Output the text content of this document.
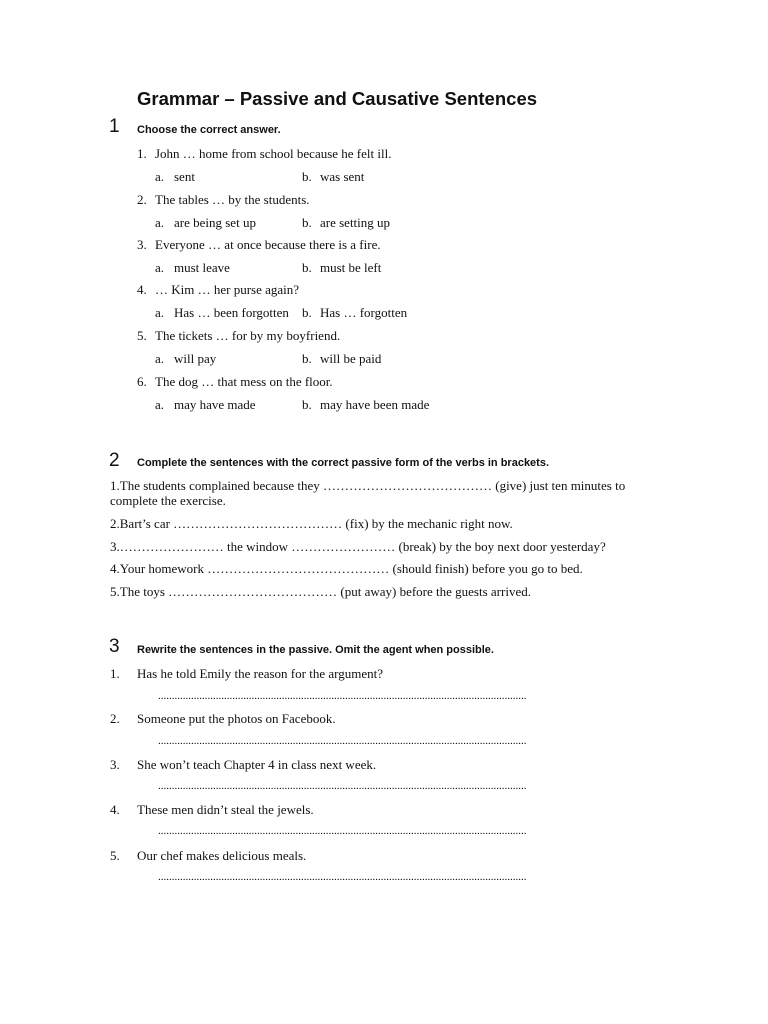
Grammar – Passive and Causative Sentences
1 Choose the correct answer.
1. John … home from school because he felt ill.
a. sent	b. was sent
2. The tables … by the students.
a. are being set up	b. are setting up
3. Everyone … at once because there is a fire.
a. must leave	b. must be left
4. … Kim … her purse again?
a. Has … been forgotten b. Has … forgotten
5. The tickets … for by my boyfriend.
a. will pay	b. will be paid
6. The dog … that mess on the floor.
a. may have made	b. may have been made
2 Complete the sentences with the correct passive form of the verbs in brackets.
1.The students complained because they ………………………………… (give) just ten minutes to complete the exercise.
2.Bart’s car ………………………………… (fix) by the mechanic right now.
3.…………………… the window …………………… (break) by the boy next door yesterday?
4.Your homework …………………………………… (should finish) before you go to bed.
5.The toys ………………………………… (put away) before the guests arrived.
3 Rewrite the sentences in the passive. Omit the agent when possible.
1. Has he told Emily the reason for the argument?
......................................................................................................................................
2. Someone put the photos on Facebook.
......................................................................................................................................
3. She won’t teach Chapter 4 in class next week.
......................................................................................................................................
4. These men didn’t steal the jewels.
......................................................................................................................................
5. Our chef makes delicious meals.
......................................................................................................................................
